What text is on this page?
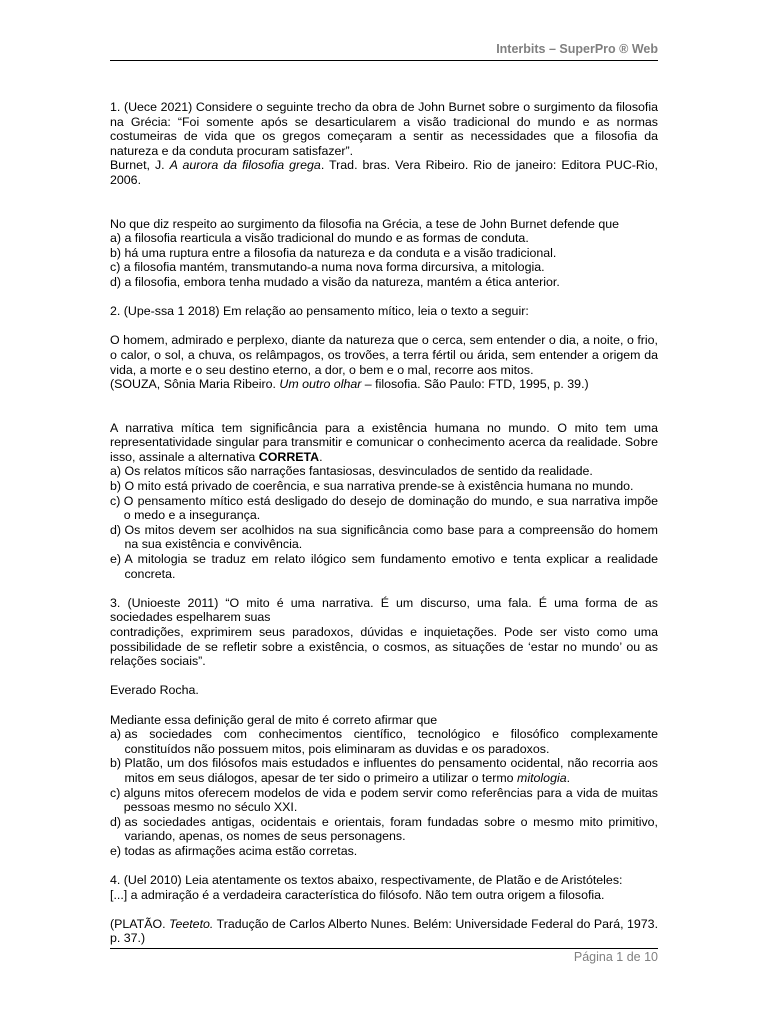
Interbits – SuperPro ® Web

1. (Uece 2021) Considere o seguinte trecho da obra de John Burnet sobre o surgimento da filosofia na Grécia: “Foi somente após se desarticularem a visão tradicional do mundo e as normas costumeiras de vida que os gregos começaram a sentir as necessidades que a filosofia da natureza e da conduta procuram satisfazer”.

Burnet, J. A aurora da filosofia grega. Trad. bras. Vera Ribeiro. Rio de janeiro: Editora PUC-Rio, 2006.

No que diz respeito ao surgimento da filosofia na Grécia, a tese de John Burnet defende que

a) a filosofia rearticula a visão tradicional do mundo e as formas de conduta.

b) há uma ruptura entre a filosofia da natureza e da conduta e a visão tradicional.

c) a filosofia mantém, transmutando-a numa nova forma dircursiva, a mitologia.

d) a filosofia, embora tenha mudado a visão da natureza, mantém a ética anterior.

2. (Upe-ssa 1 2018) Em relação ao pensamento mítico, leia o texto a seguir:

O homem, admirado e perplexo, diante da natureza que o cerca, sem entender o dia, a noite, o frio, o calor, o sol, a chuva, os relâmpagos, os trovões, a terra fértil ou árida, sem entender a origem da vida, a morte e o seu destino eterno, a dor, o bem e o mal, recorre aos mitos.

(SOUZA, Sônia Maria Ribeiro. Um outro olhar – filosofia. São Paulo: FTD, 1995, p. 39.)

A narrativa mítica tem significância para a existência humana no mundo. O mito tem uma representatividade singular para transmitir e comunicar o conhecimento acerca da realidade. Sobre isso, assinale a alternativa CORRETA.

a) Os relatos míticos são narrações fantasiosas, desvinculados de sentido da realidade.
b) O mito está privado de coerência, e sua narrativa prende-se à existência humana no mundo.
c) O pensamento mítico está desligado do desejo de dominação do mundo, e sua narrativa impõe o medo e a insegurança.
d) Os mitos devem ser acolhidos na sua significância como base para a compreensão do homem na sua existência e convivência.
e) A mitologia se traduz em relato ilógico sem fundamento emotivo e tenta explicar a realidade concreta.

3. (Unioeste 2011) “O mito é uma narrativa. É um discurso, uma fala. É uma forma de as sociedades espelharem suas

contradições, exprimirem seus paradoxos, dúvidas e inquietações. Pode ser visto como uma possibilidade de se refletir sobre a existência, o cosmos, as situações de ‘estar no mundo’ ou as relações sociais”.

Everado Rocha.

Mediante essa definição geral de mito é correto afirmar que

a) as sociedades com conhecimentos científico, tecnológico e filosófico complexamente constituídos não possuem mitos, pois eliminaram as duvidas e os paradoxos.
b) Platão, um dos filósofos mais estudados e influentes do pensamento ocidental, não recorria aos mitos em seus diálogos, apesar de ter sido o primeiro a utilizar o termo mitologia.
c) alguns mitos oferecem modelos de vida e podem servir como referências para a vida de muitas pessoas mesmo no século XXI.
d) as sociedades antigas, ocidentais e orientais, foram fundadas sobre o mesmo mito primitivo, variando, apenas, os nomes de seus personagens.
e) todas as afirmações acima estão corretas.

4. (Uel 2010) Leia atentamente os textos abaixo, respectivamente, de Platão e de Aristóteles:

[...] a admiração é a verdadeira característica do filósofo. Não tem outra origem a filosofia.

(PLATÃO. Teeteto. Tradução de Carlos Alberto Nunes. Belém: Universidade Federal do Pará, 1973. p. 37.)

Página 1 de 10
